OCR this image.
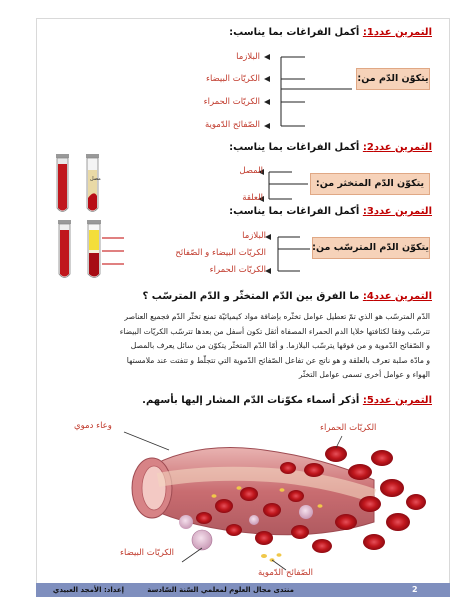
التمرين عدد1: أكمل الفراغات بما يناسب:
البلازما
الكريّات البيضاء
الكريّات الحمراء
الصّفائح الدّموية
يتكوّن الدّم من:
التمرين عدد2: أكمل الفراغات بما يناسب:
مصل
المصل
العلقة
يتكوّن الدّم المتخثر من:
التمرين عدد3: أكمل الفراغات بما يناسب:
البلازما
الكريّات البيضاء و الصّفائح
الكريّات الحمراء
يتكوّن الدّم المترسّب من:
التمرين عدد4: ما الفرق بين الدّم المتخثّر و الدّم المترسّب ؟
الدّم المترسّب هو الذي تمّ تعطيل عوامل تخثّره بإضافة مواد كيميائيّة تمنع تخثّر الدّم فجميع العناصر
تترسّب وفقا لكثافتها خلايا الدم الحمراء المصفاة أثقل تكون أسفل من بعدها تترسّب الكريّات البيضاء
و الصّفائح الدّموية و من فوقها يترسّب البلازما. و أمّا الدّم المتخثّر يتكوّن من سائل يعرف بالمصل
و مادّة صلبة تعرف بالعلقة و هو ناتج عن تفاعل الصّفائح الدّموية التي تتجلّط و تتفتت عند ملامستها
الهواء و عوامل أخرى تسمى عوامل التخثّر
التمرين عدد5: أذكر أسماء مكوّنات الدّم المشار إليها بأسهم.
وعاء دموي	الكريّات الحمراء
الكريّات البيضاء
الصّفائح الدّموية
منتدى مجال العلوم لمعلمي السّنة السّادسة
إعداد: الأمجد العبيدي	2
